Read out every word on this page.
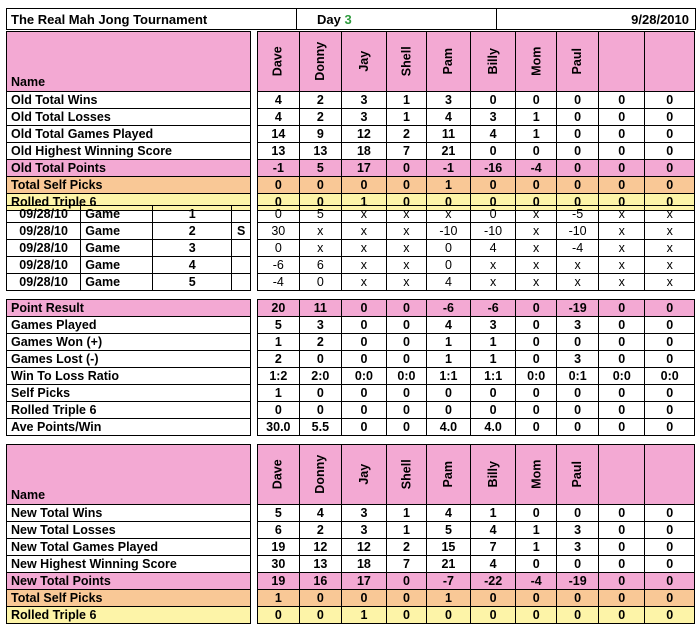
The Real Mah Jong Tournament	Day 3	9/28/2010
Name		Dave	Donny	Jay	Shell	Pam	Billy	Mom	Paul		
Old Total Wins		4	2	3	1	3	0	0	0	0	0
Old Total Losses		4	2	3	1	4	3	1	0	0	0
Old Total Games Played		14	9	12	2	11	4	1	0	0	0
Old Highest Winning Score		13	13	18	7	21	0	0	0	0	0
Old Total Points		-1	5	17	0	-1	-16	-4	0	0	0
Total Self Picks		0	0	0	0	1	0	0	0	0	0
Rolled Triple 6		0	0	1	0	0	0	0	0	0	0
09/28/10	Game	1			0	5	x	x	x	0	x	-5	x	x
09/28/10	Game	2	S		30	x	x	x	-10	-10	x	-10	x	x
09/28/10	Game	3			0	x	x	x	0	4	x	-4	x	x
09/28/10	Game	4			-6	6	x	x	0	x	x	x	x	x
09/28/10	Game	5			-4	0	x	x	4	x	x	x	x	x
Point Result		20	11	0	0	-6	-6	0	-19	0	0
Games Played		5	3	0	0	4	3	0	3	0	0
Games Won (+)		1	2	0	0	1	1	0	0	0	0
Games Lost (-)		2	0	0	0	1	1	0	3	0	0
Win To Loss Ratio		1:2	2:0	0:0	0:0	1:1	1:1	0:0	0:1	0:0	0:0
Self Picks		1	0	0	0	0	0	0	0	0	0
Rolled Triple 6		0	0	0	0	0	0	0	0	0	0
Ave Points/Win		30.0	5.5	0	0	4.0	4.0	0	0	0	0
Name		Dave	Donny	Jay	Shell	Pam	Billy	Mom	Paul		
New Total Wins		5	4	3	1	4	1	0	0	0	0
New Total Losses		6	2	3	1	5	4	1	3	0	0
New Total Games Played		19	12	12	2	15	7	1	3	0	0
New Highest Winning Score		30	13	18	7	21	4	0	0	0	0
New Total Points		19	16	17	0	-7	-22	-4	-19	0	0
Total Self Picks		1	0	0	0	1	0	0	0	0	0
Rolled Triple 6		0	0	1	0	0	0	0	0	0	0
